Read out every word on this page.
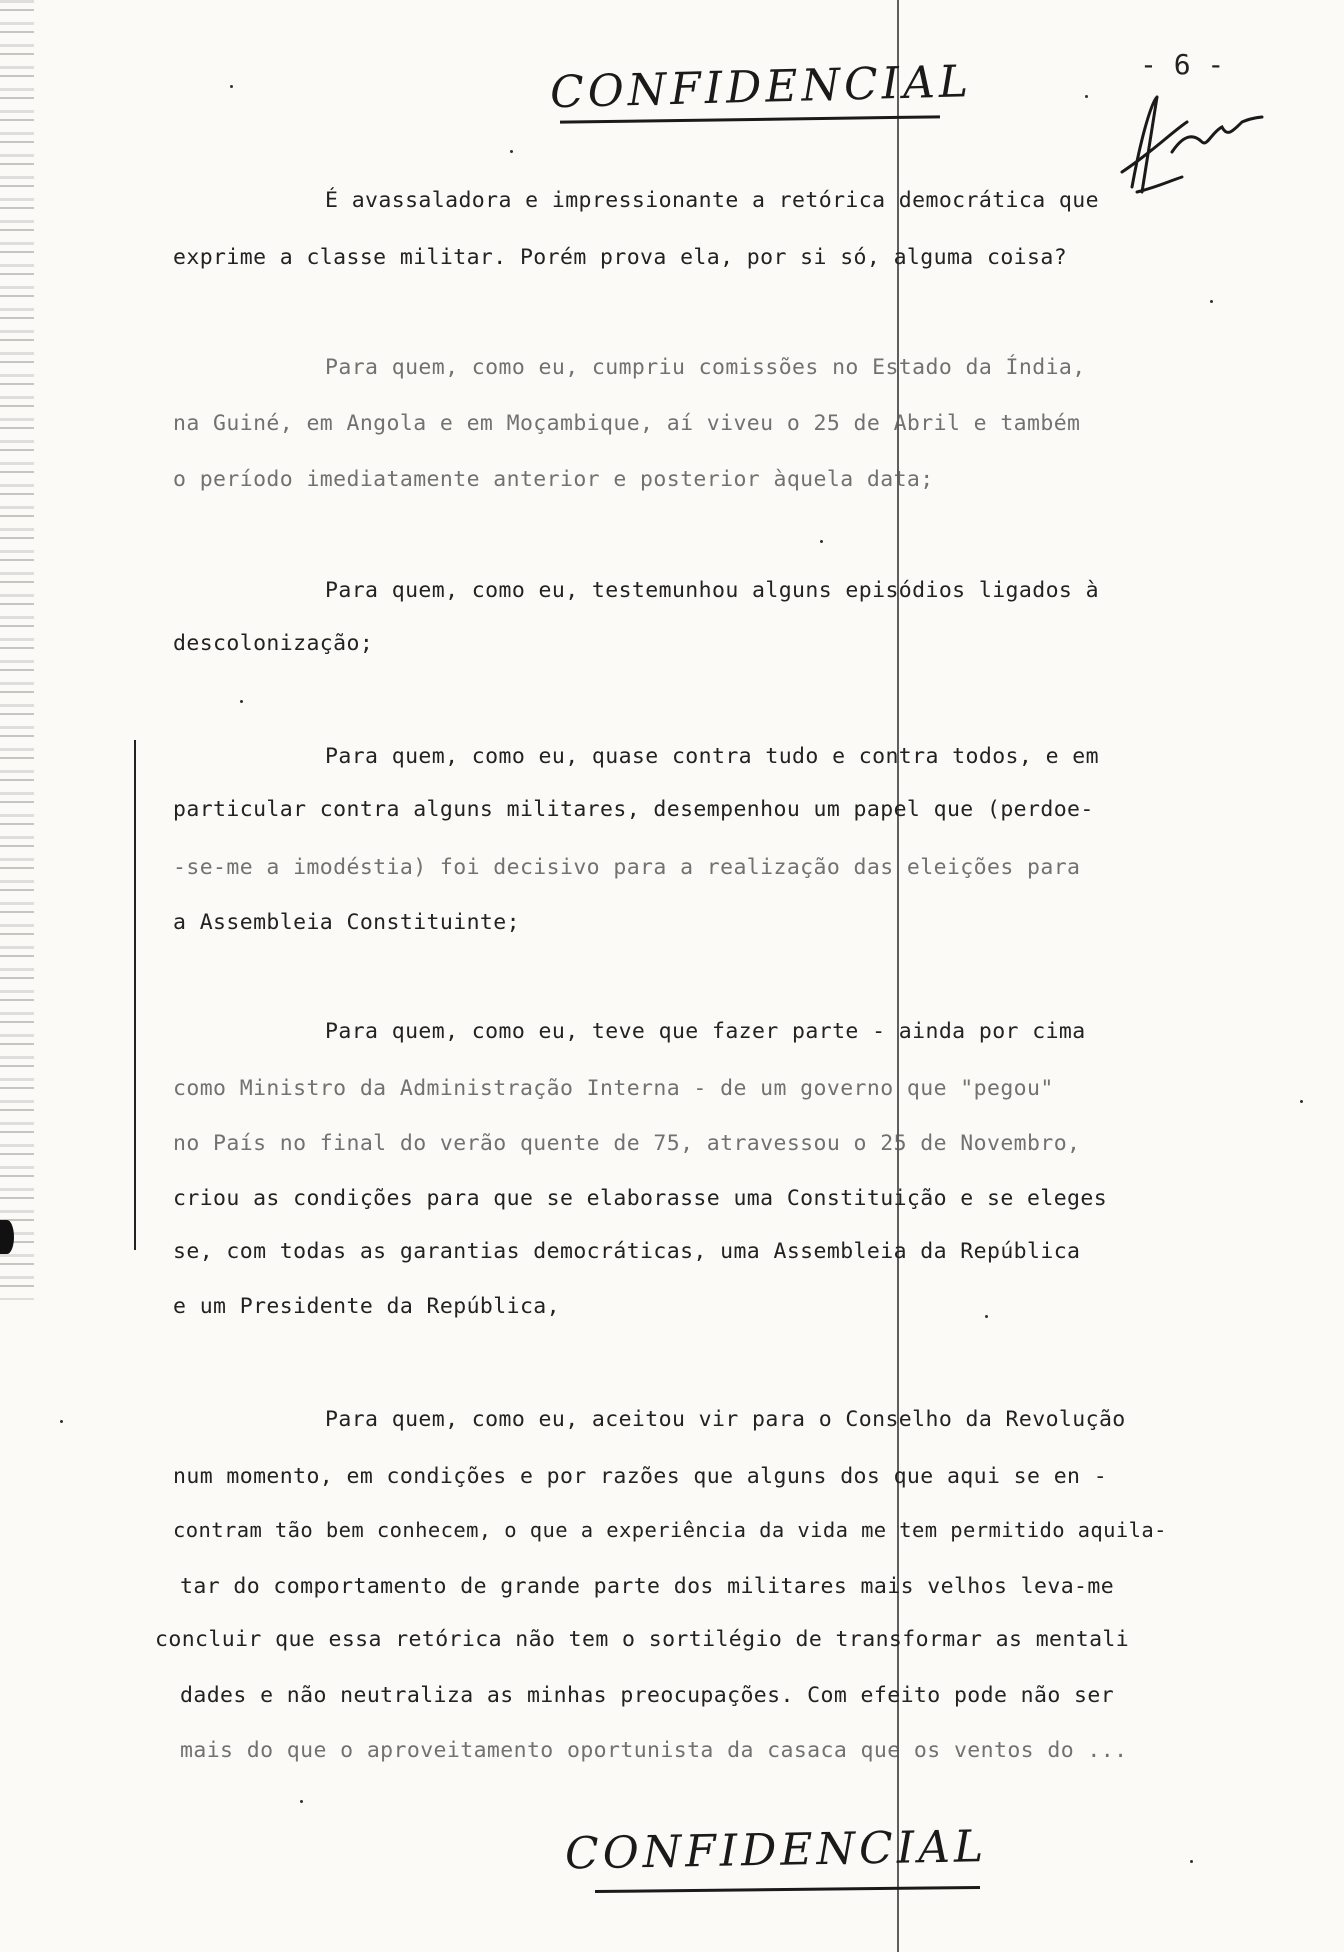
CONFIDENCIAL	- 6 -
É avassaladora e impressionante a retórica democrática que
exprime a classe militar. Porém prova ela, por si só, alguma coisa?
Para quem, como eu, cumpriu comissões no Estado da Índia,
na Guiné, em Angola e em Moçambique, aí viveu o 25 de Abril e também
o período imediatamente anterior e posterior àquela data;
Para quem, como eu, testemunhou alguns episódios ligados à
descolonização;
Para quem, como eu, quase contra tudo e contra todos, e em
particular contra alguns militares, desempenhou um papel que (perdoe-
-se-me a imodéstia) foi decisivo para a realização das eleições para
a Assembleia Constituinte;
Para quem, como eu, teve que fazer parte - ainda por cima
como Ministro da Administração Interna - de um governo que "pegou"
no País no final do verão quente de 75, atravessou o 25 de Novembro,
criou as condições para que se elaborasse uma Constituição e se eleges
se, com todas as garantias democráticas, uma Assembleia da República
e um Presidente da República,
Para quem, como eu, aceitou vir para o Conselho da Revolução
num momento, em condições e por razões que alguns dos que aqui se en -
contram tão bem conhecem, o que a experiência da vida me tem permitido aquila-
tar do comportamento de grande parte dos militares mais velhos leva-me
concluir que essa retórica não tem o sortilégio de transformar as mentali
dades e não neutraliza as minhas preocupações. Com efeito pode não ser
mais do que o aproveitamento oportunista da casaca que os ventos do ...
CONFIDENCIAL
